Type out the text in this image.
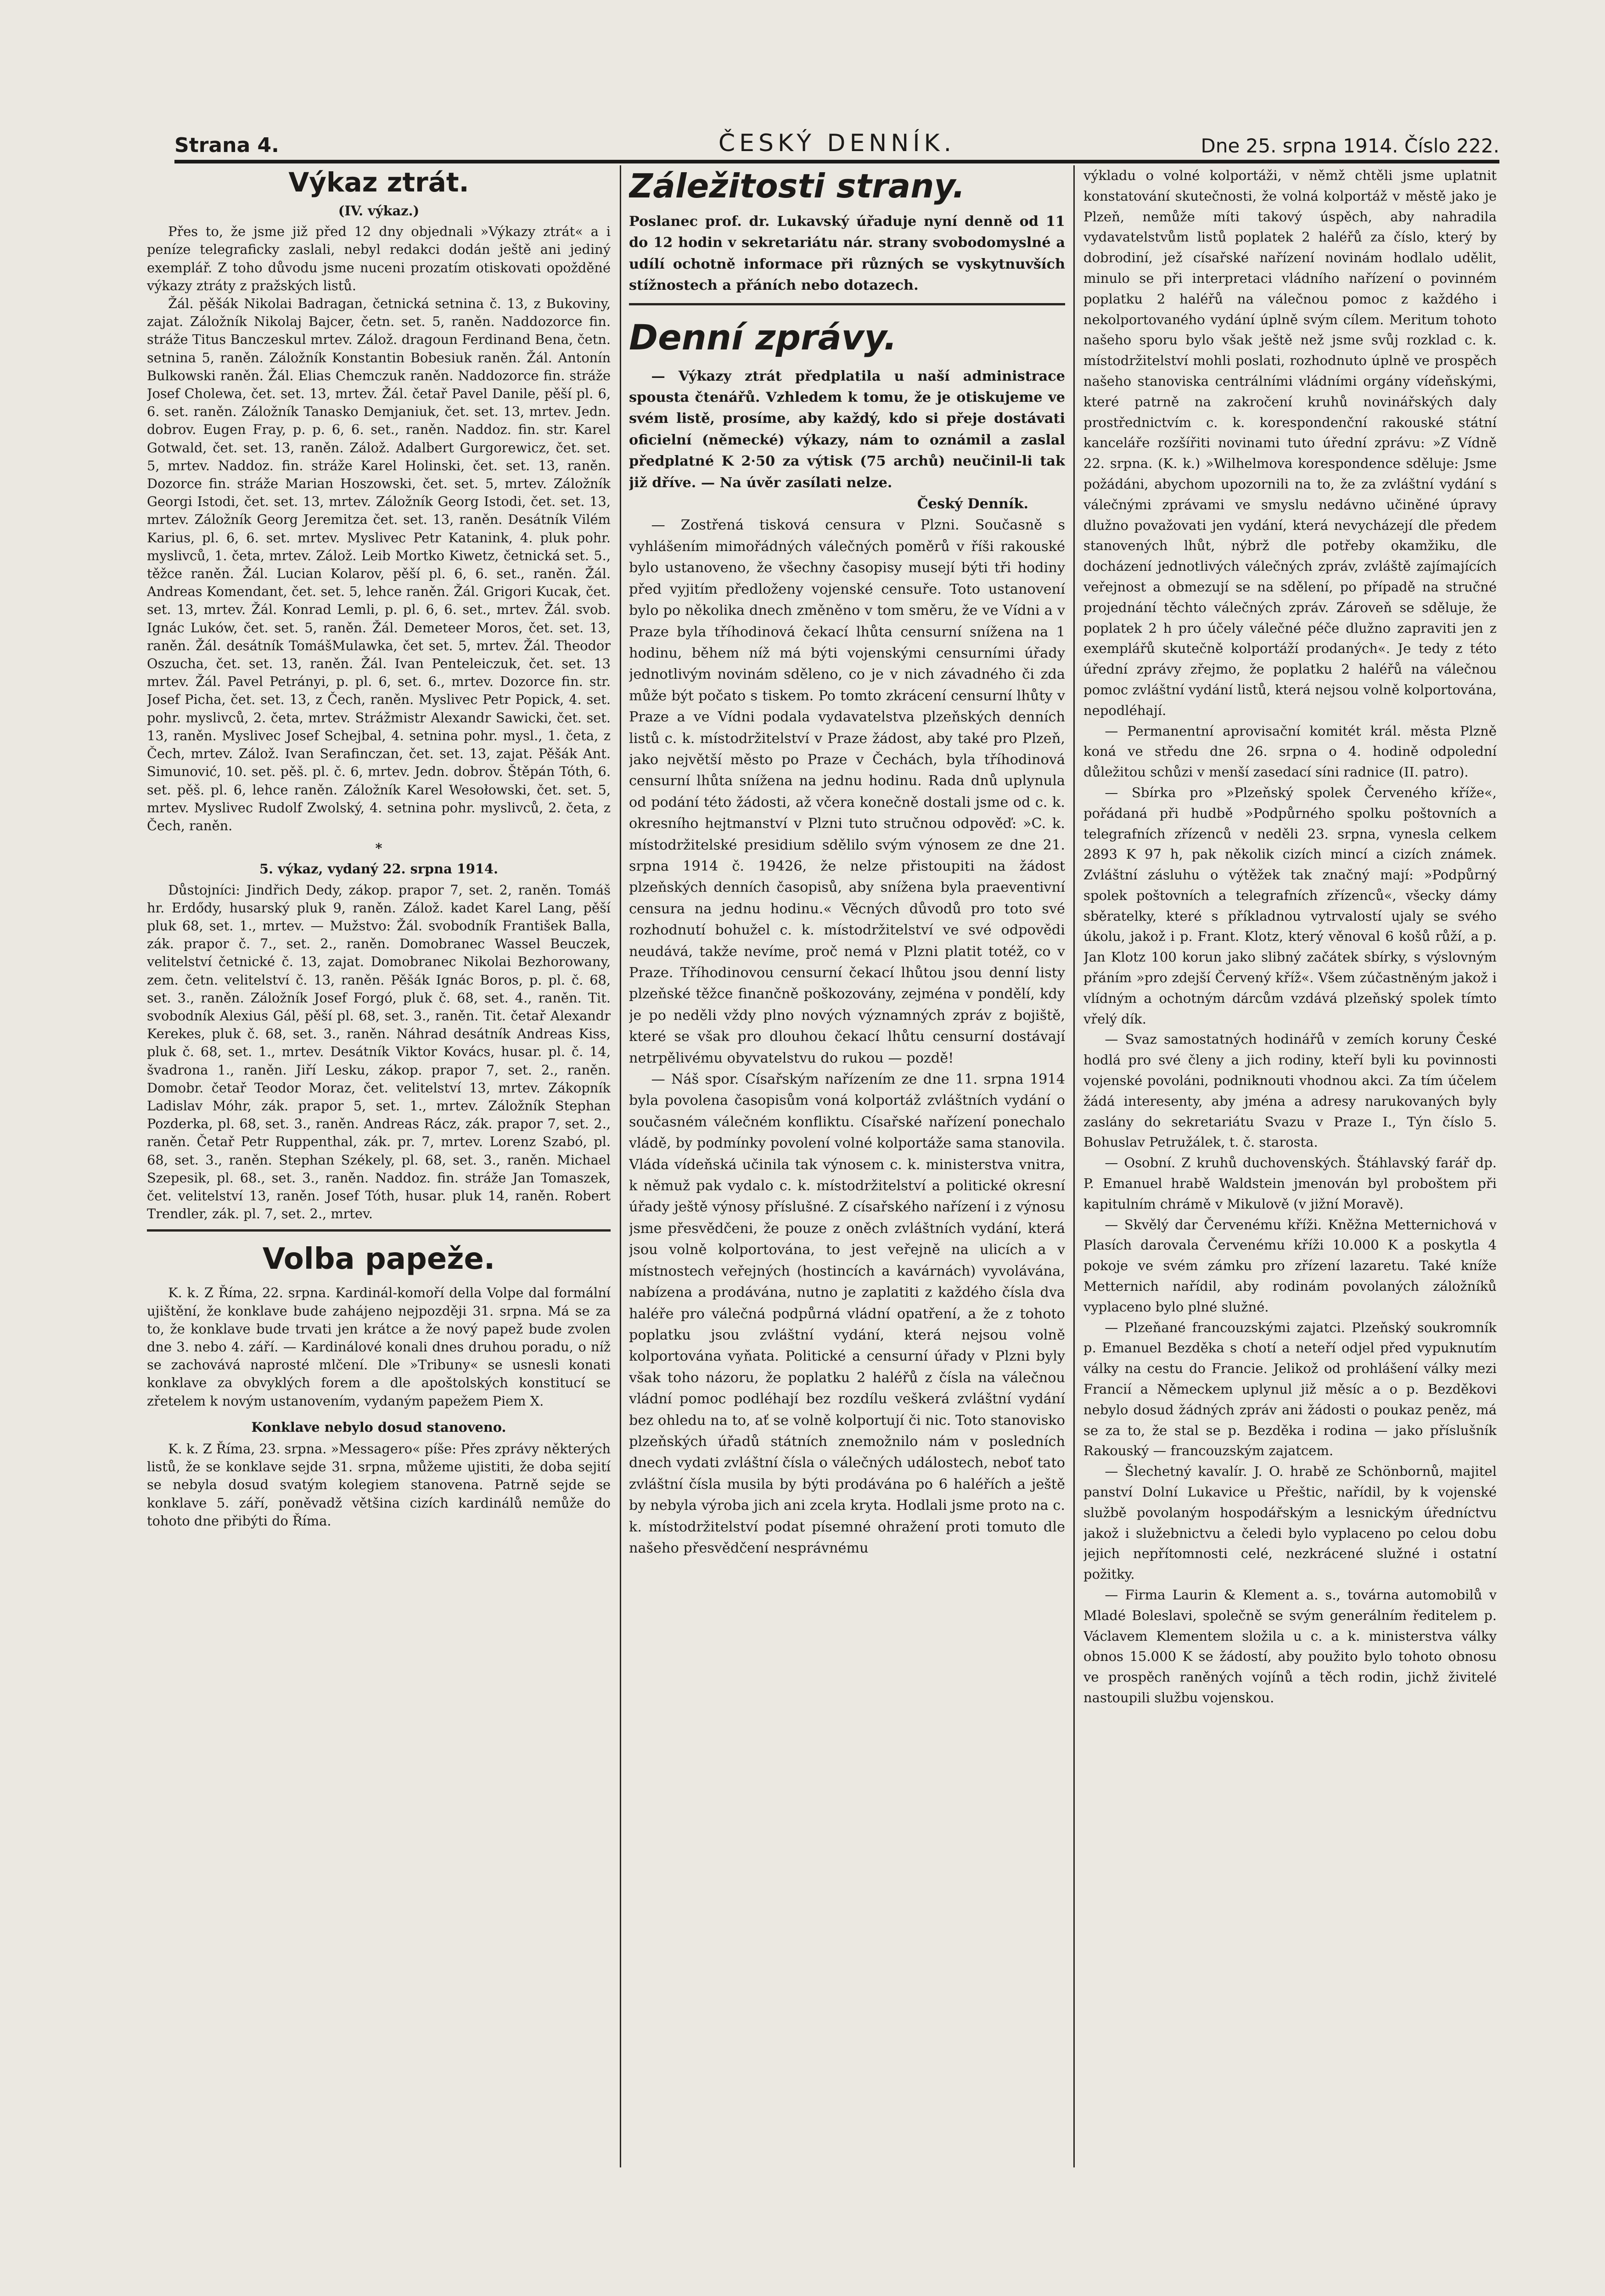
Strana 4.	ČESKÝ DENNÍK.	Dne 25. srpna 1914. Číslo 222.
Výkaz ztrát.
(IV. výkaz.)

Přes to, že jsme již před 12 dny objednali »Výkazy ztrát« a i peníze telegraficky zaslali, nebyl redakci dodán ještě ani jediný exemplář. Z toho důvodu jsme nuceni prozatím otiskovati opožděné výkazy ztráty z pražských listů.

Žál. pěšák Nikolai Badragan, četnická setnina č. 13, z Bukoviny, zajat. Záložník Nikolaj Bajcer, četn. set. 5, raněn. Naddozorce fin. stráže Titus Banczeskul mrtev. Zálož. dragoun Ferdinand Bena, četn. setnina 5, raněn. Záložník Konstantin Bobesiuk raněn. Žál. Antonín Bulkowski raněn. Žál. Elias Chemczuk raněn. Naddozorce fin. stráže Josef Cholewa, čet. set. 13, mrtev. Žál. četař Pavel Danile, pěší pl. 6, 6. set. raněn. Záložník Tanasko Demjaniuk, čet. set. 13, mrtev. Jedn. dobrov. Eugen Fray, p. p. 6, 6. set., raněn. Naddoz. fin. str. Karel Gotwald, čet. set. 13, raněn. Zálož. Adalbert Gurgorewicz, čet. set. 5, mrtev. Naddoz. fin. stráže Karel Holinski, čet. set. 13, raněn. Dozorce fin. stráže Marian Hoszowski, čet. set. 5, mrtev. Záložník Georgi Istodi, čet. set. 13, mrtev. Záložník Georg Istodi, čet. set. 13, mrtev. Záložník Georg Jeremitza čet. set. 13, raněn. Desátník Vilém Karius, pl. 6, 6. set. mrtev. Myslivec Petr Katanink, 4. pluk pohr. myslivců, 1. četa, mrtev. Zálož. Leib Mortko Kiwetz, četnická set. 5., těžce raněn. Žál. Lucian Kolarov, pěší pl. 6, 6. set., raněn. Žál. Andreas Komendant, čet. set. 5, lehce raněn. Žál. Grigori Kucak, čet. set. 13, mrtev. Žál. Konrad Lemli, p. pl. 6, 6. set., mrtev. Žál. svob. Ignác Luków, čet. set. 5, raněn. Žál. Demeteer Moros, čet. set. 13, raněn. Žál. desátník TomášMulawka, čet set. 5, mrtev. Žál. Theodor Oszucha, čet. set. 13, raněn. Žál. Ivan Penteleiczuk, čet. set. 13 mrtev. Žál. Pavel Petrányi, p. pl. 6, set. 6., mrtev. Dozorce fin. str. Josef Picha, čet. set. 13, z Čech, raněn. Myslivec Petr Popick, 4. set. pohr. myslivců, 2. četa, mrtev. Strážmistr Alexandr Sawicki, čet. set. 13, raněn. Myslivec Josef Schejbal, 4. setnina pohr. mysl., 1. četa, z Čech, mrtev. Zálož. Ivan Serafinczan, čet. set. 13, zajat. Pěšák Ant. Simunović, 10. set. pěš. pl. č. 6, mrtev. Jedn. dobrov. Štěpán Tóth, 6. set. pěš. pl. 6, lehce raněn. Záložník Karel Wesołowski, čet. set. 5, mrtev. Myslivec Rudolf Zwolský, 4. setnina pohr. myslivců, 2. četa, z Čech, raněn.

*
5. výkaz, vydaný 22. srpna 1914.

Důstojníci: Jindřich Dedy, zákop. prapor 7, set. 2, raněn. Tomáš hr. Erdődy, husarský pluk 9, raněn. Zálož. kadet Karel Lang, pěší pluk 68, set. 1., mrtev. — Mužstvo: Žál. svobodník František Balla, zák. prapor č. 7., set. 2., raněn. Domobranec Wassel Beuczek, velitelství četnické č. 13, zajat. Domobranec Nikolai Bezhorowany, zem. četn. velitelství č. 13, raněn. Pěšák Ignác Boros, p. pl. č. 68, set. 3., raněn. Záložník Josef Forgó, pluk č. 68, set. 4., raněn. Tit. svobodník Alexius Gál, pěší pl. 68, set. 3., raněn. Tit. četař Alexandr Kerekes, pluk č. 68, set. 3., raněn. Náhrad desátník Andreas Kiss, pluk č. 68, set. 1., mrtev. Desátník Viktor Kovács, husar. pl. č. 14, švadrona 1., raněn. Jiří Lesku, zákop. prapor 7, set. 2., raněn. Domobr. četař Teodor Moraz, čet. velitelství 13, mrtev. Zákopník Ladislav Móhr, zák. prapor 5, set. 1., mrtev. Záložník Stephan Pozderka, pl. 68, set. 3., raněn. Andreas Rácz, zák. prapor 7, set. 2., raněn. Četař Petr Ruppenthal, zák. pr. 7, mrtev. Lorenz Szabó, pl. 68, set. 3., raněn. Stephan Székely, pl. 68, set. 3., raněn. Michael Szepesik, pl. 68., set. 3., raněn. Naddoz. fin. stráže Jan Tomaszek, čet. velitelství 13, raněn. Josef Tóth, husar. pluk 14, raněn. Robert Trendler, zák. pl. 7, set. 2., mrtev.

Volba papeže.

K. k. Z Říma, 22. srpna. Kardinál-komoří della Volpe dal formální ujištění, že konklave bude zahájeno nejpozději 31. srpna. Má se za to, že konklave bude trvati jen krátce a že nový papež bude zvolen dne 3. nebo 4. září. — Kardinálové konali dnes druhou poradu, o níž se zachovává naprosté mlčení. Dle »Tribuny« se usnesli konati konklave za obvyklých forem a dle apoštolských konstitucí se zřetelem k novým ustanovením, vydaným papežem Piem X.

Konklave nebylo dosud stanoveno.

K. k. Z Říma, 23. srpna. »Messagero« píše: Přes zprávy některých listů, že se konklave sejde 31. srpna, můžeme ujistiti, že doba sejití se nebyla dosud svatým kolegiem stanovena. Patrně sejde se konklave 5. září, poněvadž většina cizích kardinálů nemůže do tohoto dne přibýti do Říma.

Záležitosti strany.

Poslanec prof. dr. Lukavský úřaduje nyní denně od 11 do 12 hodin v sekretariátu nár. strany svobodomyslné a udílí ochotně informace při různých se vyskytnuvších stížnostech a přáních nebo dotazech.

Denní zprávy.

— Výkazy ztrát předplatila u naší administrace spousta čtenářů. Vzhledem k tomu, že je otiskujeme ve svém listě, prosíme, aby každý, kdo si přeje dostávati oficielní (německé) výkazy, nám to oznámil a zaslal předplatné K 2·50 za výtisk (75 archů) neučinil-li tak již dříve. — Na úvěr zasílati nelze.

Český Denník.

— Zostřená tisková censura v Plzni. Současně s vyhlášením mimořádných válečných poměrů v říši rakouské bylo ustanoveno, že všechny časopisy musejí býti tři hodiny před vyjitím předloženy vojenské censuře. Toto ustanovení bylo po několika dnech změněno v tom směru, že ve Vídni a v Praze byla tříhodinová čekací lhůta censurní snížena na 1 hodinu, během níž má býti vojenskými censurními úřady jednotlivým novinám sděleno, co je v nich závadného či zda může být počato s tiskem. Po tomto zkrácení censurní lhůty v Praze a ve Vídni podala vydavatelstva plzeňských denních listů c. k. místodržitelství v Praze žádost, aby také pro Plzeň, jako největší město po Praze v Čechách, byla tříhodinová censurní lhůta snížena na jednu hodinu. Rada dnů uplynula od podání této žádosti, až včera konečně dostali jsme od c. k. okresního hejtmanství v Plzni tuto stručnou odpověď: »C. k. místodržitelské presidium sdělilo svým výnosem ze dne 21. srpna 1914 č. 19426, že nelze přistoupiti na žádost plzeňských denních časopisů, aby snížena byla praeventivní censura na jednu hodinu.« Věcných důvodů pro toto své rozhodnutí bohužel c. k. místodržitelství ve své odpovědi neudává, takže nevíme, proč nemá v Plzni platit totéž, co v Praze. Tříhodinovou censurní čekací lhůtou jsou denní listy plzeňské těžce finančně poškozovány, zejména v pondělí, kdy je po neděli vždy plno nových významných zpráv z bojiště, které se však pro dlouhou čekací lhůtu censurní dostávají netrpělivému obyvatelstvu do rukou — pozdě!

— Náš spor. Císařským nařízením ze dne 11. srpna 1914 byla povolena časopisům voná kolportáž zvláštních vydání o současném válečném konfliktu. Císařské nařízení ponechalo vládě, by podmínky povolení volné kolportáže sama stanovila. Vláda vídeňská učinila tak výnosem c. k. ministerstva vnitra, k němuž pak vydalo c. k. místodržitelství a politické okresní úřady ještě výnosy příslušné. Z císařského nařízení i z výnosu jsme přesvědčeni, že pouze z oněch zvláštních vydání, která jsou volně kolportována, to jest veřejně na ulicích a v místnostech veřejných (hostincích a kavárnách) vyvolávána, nabízena a prodávána, nutno je zaplatiti z každého čísla dva haléře pro válečná podpůrná vládní opatření, a že z tohoto poplatku jsou zvláštní vydání, která nejsou volně kolportována vyňata. Politické a censurní úřady v Plzni byly však toho názoru, že poplatku 2 haléřů z čísla na válečnou vládní pomoc podléhají bez rozdílu veškerá zvláštní vydání bez ohledu na to, ať se volně kolportují či nic. Toto stanovisko plzeňských úřadů státních znemožnilo nám v posledních dnech vydati zvláštní čísla o válečných událostech, neboť tato zvláštní čísla musila by býti prodávána po 6 haléřích a ještě by nebyla výroba jich ani zcela kryta. Hodlali jsme proto na c. k. místodržitelství podat písemné ohražení proti tomuto dle našeho přesvědčení nesprávnému

výkladu o volné kolportáži, v němž chtěli jsme uplatnit konstatování skutečnosti, že volná kolportáž v městě jako je Plzeň, nemůže míti takový úspěch, aby nahradila vydavatelstvům listů poplatek 2 haléřů za číslo, který by dobrodiní, jež císařské nařízení novinám hodlalo udělit, minulo se při interpretaci vládního nařízení o povinném poplatku 2 haléřů na válečnou pomoc z každého i nekolportovaného vydání úplně svým cílem. Meritum tohoto našeho sporu bylo však ještě než jsme svůj rozklad c. k. místodržitelství mohli poslati, rozhodnuto úplně ve prospěch našeho stanoviska centrálními vládními orgány vídeňskými, které patrně na zakročení kruhů novinářských daly prostřednictvím c. k. korespondenční rakouské státní kanceláře rozšířiti novinami tuto úřední zprávu: »Z Vídně 22. srpna. (K. k.) »Wilhelmova korespondence sděluje: Jsme požádáni, abychom upozornili na to, že za zvláštní vydání s válečnými zprávami ve smyslu nedávno učiněné úpravy dlužno považovati jen vydání, která nevycházejí dle předem stanovených lhůt, nýbrž dle potřeby okamžiku, dle docházení jednotlivých válečných zpráv, zvláště zajímajících veřejnost a obmezují se na sdělení, po případě na stručné projednání těchto válečných zpráv. Zároveň se sděluje, že poplatek 2 h pro účely válečné péče dlužno zapraviti jen z exemplářů skutečně kolportáží prodaných«. Je tedy z této úřední zprávy zřejmo, že poplatku 2 haléřů na válečnou pomoc zvláštní vydání listů, která nejsou volně kolportována, nepodléhají.

— Permanentní aprovisační komitét král. města Plzně koná ve středu dne 26. srpna o 4. hodině odpolední důležitou schůzi v menší zasedací síni radnice (II. patro).

— Sbírka pro »Plzeňský spolek Červeného kříže«, pořádaná při hudbě »Podpůrného spolku poštovních a telegrafních zřízenců v neděli 23. srpna, vynesla celkem 2893 K 97 h, pak několik cizích mincí a cizích známek. Zvláštní zásluhu o výtěžek tak značný mají: »Podpůrný spolek poštovních a telegrafních zřízenců«, všecky dámy sběratelky, které s příkladnou vytrvalostí ujaly se svého úkolu, jakož i p. Frant. Klotz, který věnoval 6 košů růží, a p. Jan Klotz 100 korun jako slibný začátek sbírky, s výslovným přáním »pro zdejší Červený kříž«. Všem zúčastněným jakož i vlídným a ochotným dárcům vzdává plzeňský spolek tímto vřelý dík.

— Svaz samostatných hodinářů v zemích koruny České hodlá pro své členy a jich rodiny, kteří byli ku povinnosti vojenské povoláni, podniknouti vhodnou akci. Za tím účelem žádá interesenty, aby jména a adresy narukovaných byly zaslány do sekretariátu Svazu v Praze I., Týn číslo 5. Bohuslav Petružálek, t. č. starosta.

— Osobní. Z kruhů duchovenských. Štáhlavský farář dp. P. Emanuel hrabě Waldstein jmenován byl proboštem při kapitulním chrámě v Mikulově (v jižní Moravě).

— Skvělý dar Červenému kříži. Kněžna Metternichová v Plasích darovala Červenému kříži 10.000 K a poskytla 4 pokoje ve svém zámku pro zřízení lazaretu. Také kníže Metternich nařídil, aby rodinám povolaných záložníků vyplaceno bylo plné služné.

— Plzeňané francouzskými zajatci. Plzeňský soukromník p. Emanuel Bezděka s chotí a neteří odjel před vypuknutím války na cestu do Francie. Jelikož od prohlášení války mezi Francií a Německem uplynul již měsíc a o p. Bezděkovi nebylo dosud žádných zpráv ani žádosti o poukaz peněz, má se za to, že stal se p. Bezděka i rodina — jako příslušník Rakouský — francouzským zajatcem.

— Šlechetný kavalír. J. O. hrabě ze Schönbornů, majitel panství Dolní Lukavice u Přeštic, nařídil, by k vojenské službě povolaným hospodářským a lesnickým úředníctvu jakož i služebnictvu a čeledi bylo vyplaceno po celou dobu jejich nepřítomnosti celé, nezkrácené služné i ostatní požitky.

— Firma Laurin & Klement a. s., továrna automobilů v Mladé Boleslavi, společně se svým generálním ředitelem p. Václavem Klementem složila u c. a k. ministerstva války obnos 15.000 K se žádostí, aby použito bylo tohoto obnosu ve prospěch raněných vojínů a těch rodin, jichž živitelé nastoupili službu vojenskou.
